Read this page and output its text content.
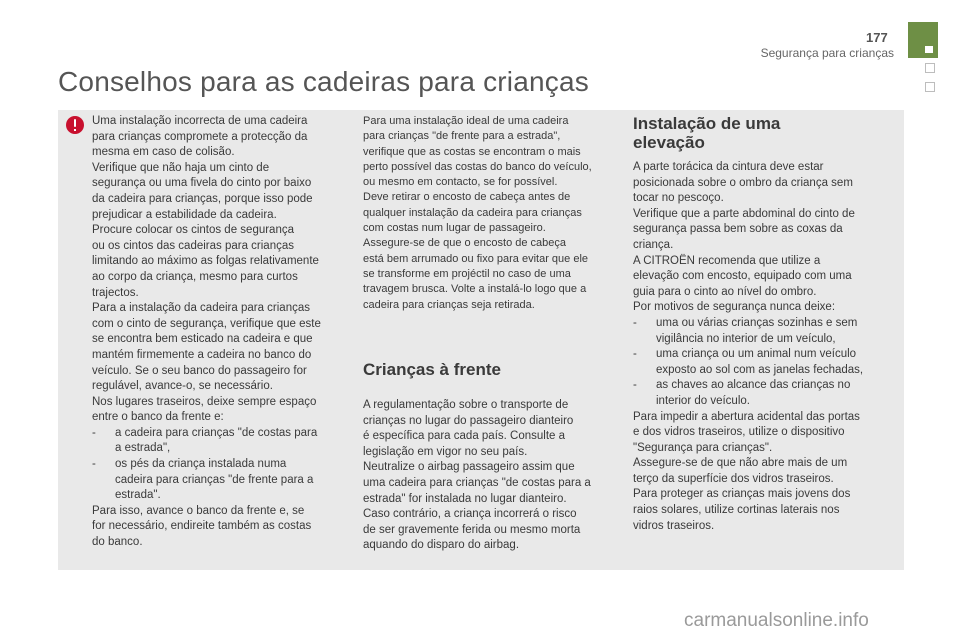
177
Segurança para crianças
Conselhos para as cadeiras para crianças

Uma instalação incorrecta de uma cadeira
para crianças compromete a protecção da
mesma em caso de colisão.
Verifique que não haja um cinto de
segurança ou uma fivela do cinto por baixo
da cadeira para crianças, porque isso pode
prejudicar a estabilidade da cadeira.
Procure colocar os cintos de segurança
ou os cintos das cadeiras para crianças
limitando ao máximo as folgas relativamente
ao corpo da criança, mesmo para curtos
trajectos.
Para a instalação da cadeira para crianças
com o cinto de segurança, verifique que este
se encontra bem esticado na cadeira e que
mantém firmemente a cadeira no banco do
veículo. Se o seu banco do passageiro for
regulável, avance-o, se necessário.
Nos lugares traseiros, deixe sempre espaço
entre o banco da frente e:

- a cadeira para crianças "de costas para
a estrada",

- os pés da criança instalada numa
cadeira para crianças "de frente para a
estrada".

Para isso, avance o banco da frente e, se
for necessário, endireite também as costas
do banco.

Para uma instalação ideal de uma cadeira
para crianças "de frente para a estrada",
verifique que as costas se encontram o mais
perto possível das costas do banco do veículo,
ou mesmo em contacto, se for possível.
Deve retirar o encosto de cabeça antes de
qualquer instalação da cadeira para crianças
com costas num lugar de passageiro.
Assegure-se de que o encosto de cabeça
está bem arrumado ou fixo para evitar que ele
se transforme em projéctil no caso de uma
travagem brusca. Volte a instalá-lo logo que a
cadeira para crianças seja retirada.

Crianças à frente

A regulamentação sobre o transporte de
crianças no lugar do passageiro dianteiro
é específica para cada país. Consulte a
legislação em vigor no seu país.
Neutralize o airbag passageiro assim que
uma cadeira para crianças "de costas para a
estrada" for instalada no lugar dianteiro.
Caso contrário, a criança incorrerá o risco
de ser gravemente ferida ou mesmo morta
aquando do disparo do airbag.

Instalação de uma
elevação

A parte torácica da cintura deve estar
posicionada sobre o ombro da criança sem
tocar no pescoço.
Verifique que a parte abdominal do cinto de
segurança passa bem sobre as coxas da
criança.
A CITROËN recomenda que utilize a
elevação com encosto, equipado com uma
guia para o cinto ao nível do ombro.
Por motivos de segurança nunca deixe:

- uma ou várias crianças sozinhas e sem
vigilância no interior de um veículo,

- uma criança ou um animal num veículo
exposto ao sol com as janelas fechadas,

- as chaves ao alcance das crianças no
interior do veículo.

Para impedir a abertura acidental das portas
e dos vidros traseiros, utilize o dispositivo
"Segurança para crianças".
Assegure-se de que não abre mais de um
terço da superfície dos vidros traseiros.
Para proteger as crianças mais jovens dos
raios solares, utilize cortinas laterais nos
vidros traseiros.

carmanualsonline.info
